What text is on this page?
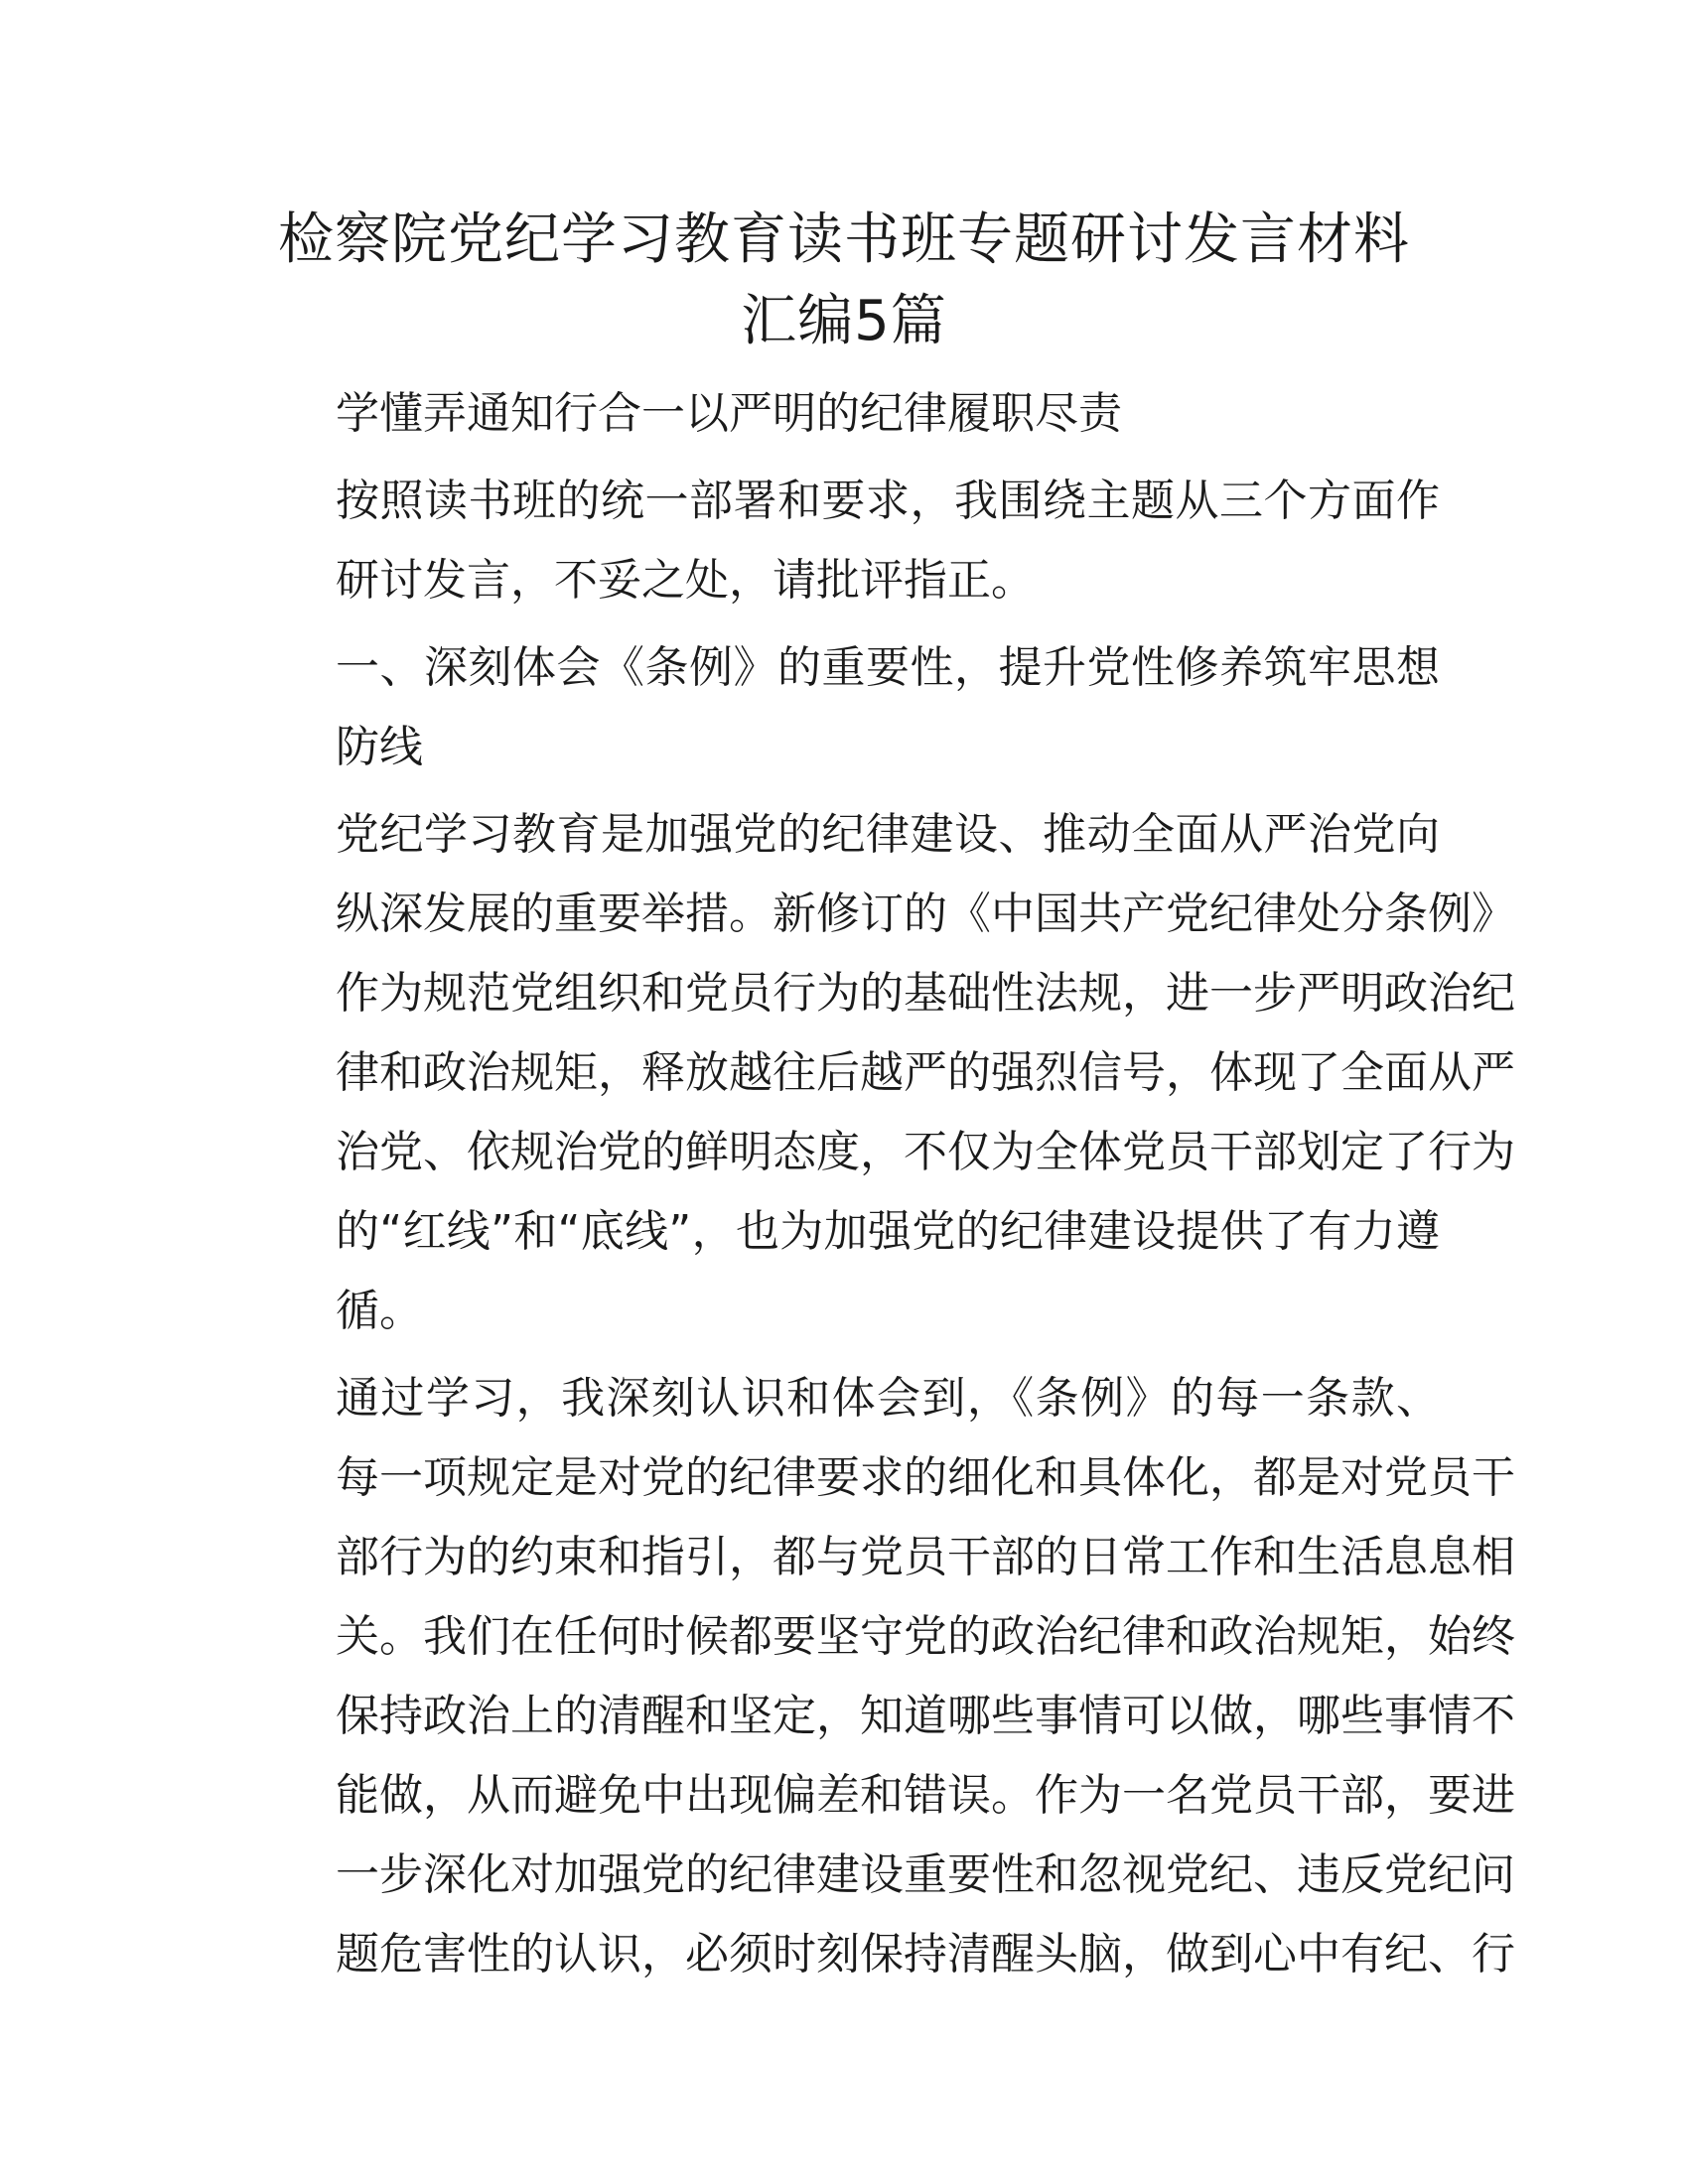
检察院党纪学习教育读书班专题研讨发言材料
汇编5篇

学懂弄通知行合一以严明的纪律履职尽责

按照读书班的统一部署和要求，我围绕主题从三个方面作
研讨发言，不妥之处，请批评指正。

一、深刻体会《条例》的重要性，提升党性修养筑牢思想
防线

党纪学习教育是加强党的纪律建设、推动全面从严治党向
纵深发展的重要举措。新修订的《中国共产党纪律处分条例》
作为规范党组织和党员行为的基础性法规，进一步严明政治纪
律和政治规矩，释放越往后越严的强烈信号，体现了全面从严
治党、依规治党的鲜明态度，不仅为全体党员干部划定了行为
的“红线”和“底线”，也为加强党的纪律建设提供了有力遵
循。

通过学习，我深刻认识和体会到，《条例》的每一条款、
每一项规定是对党的纪律要求的细化和具体化，都是对党员干
部行为的约束和指引，都与党员干部的日常工作和生活息息相
关。我们在任何时候都要坚守党的政治纪律和政治规矩，始终
保持政治上的清醒和坚定，知道哪些事情可以做，哪些事情不
能做，从而避免中出现偏差和错误。作为一名党员干部，要进
一步深化对加强党的纪律建设重要性和忽视党纪、违反党纪问
题危害性的认识，必须时刻保持清醒头脑，做到心中有纪、行
